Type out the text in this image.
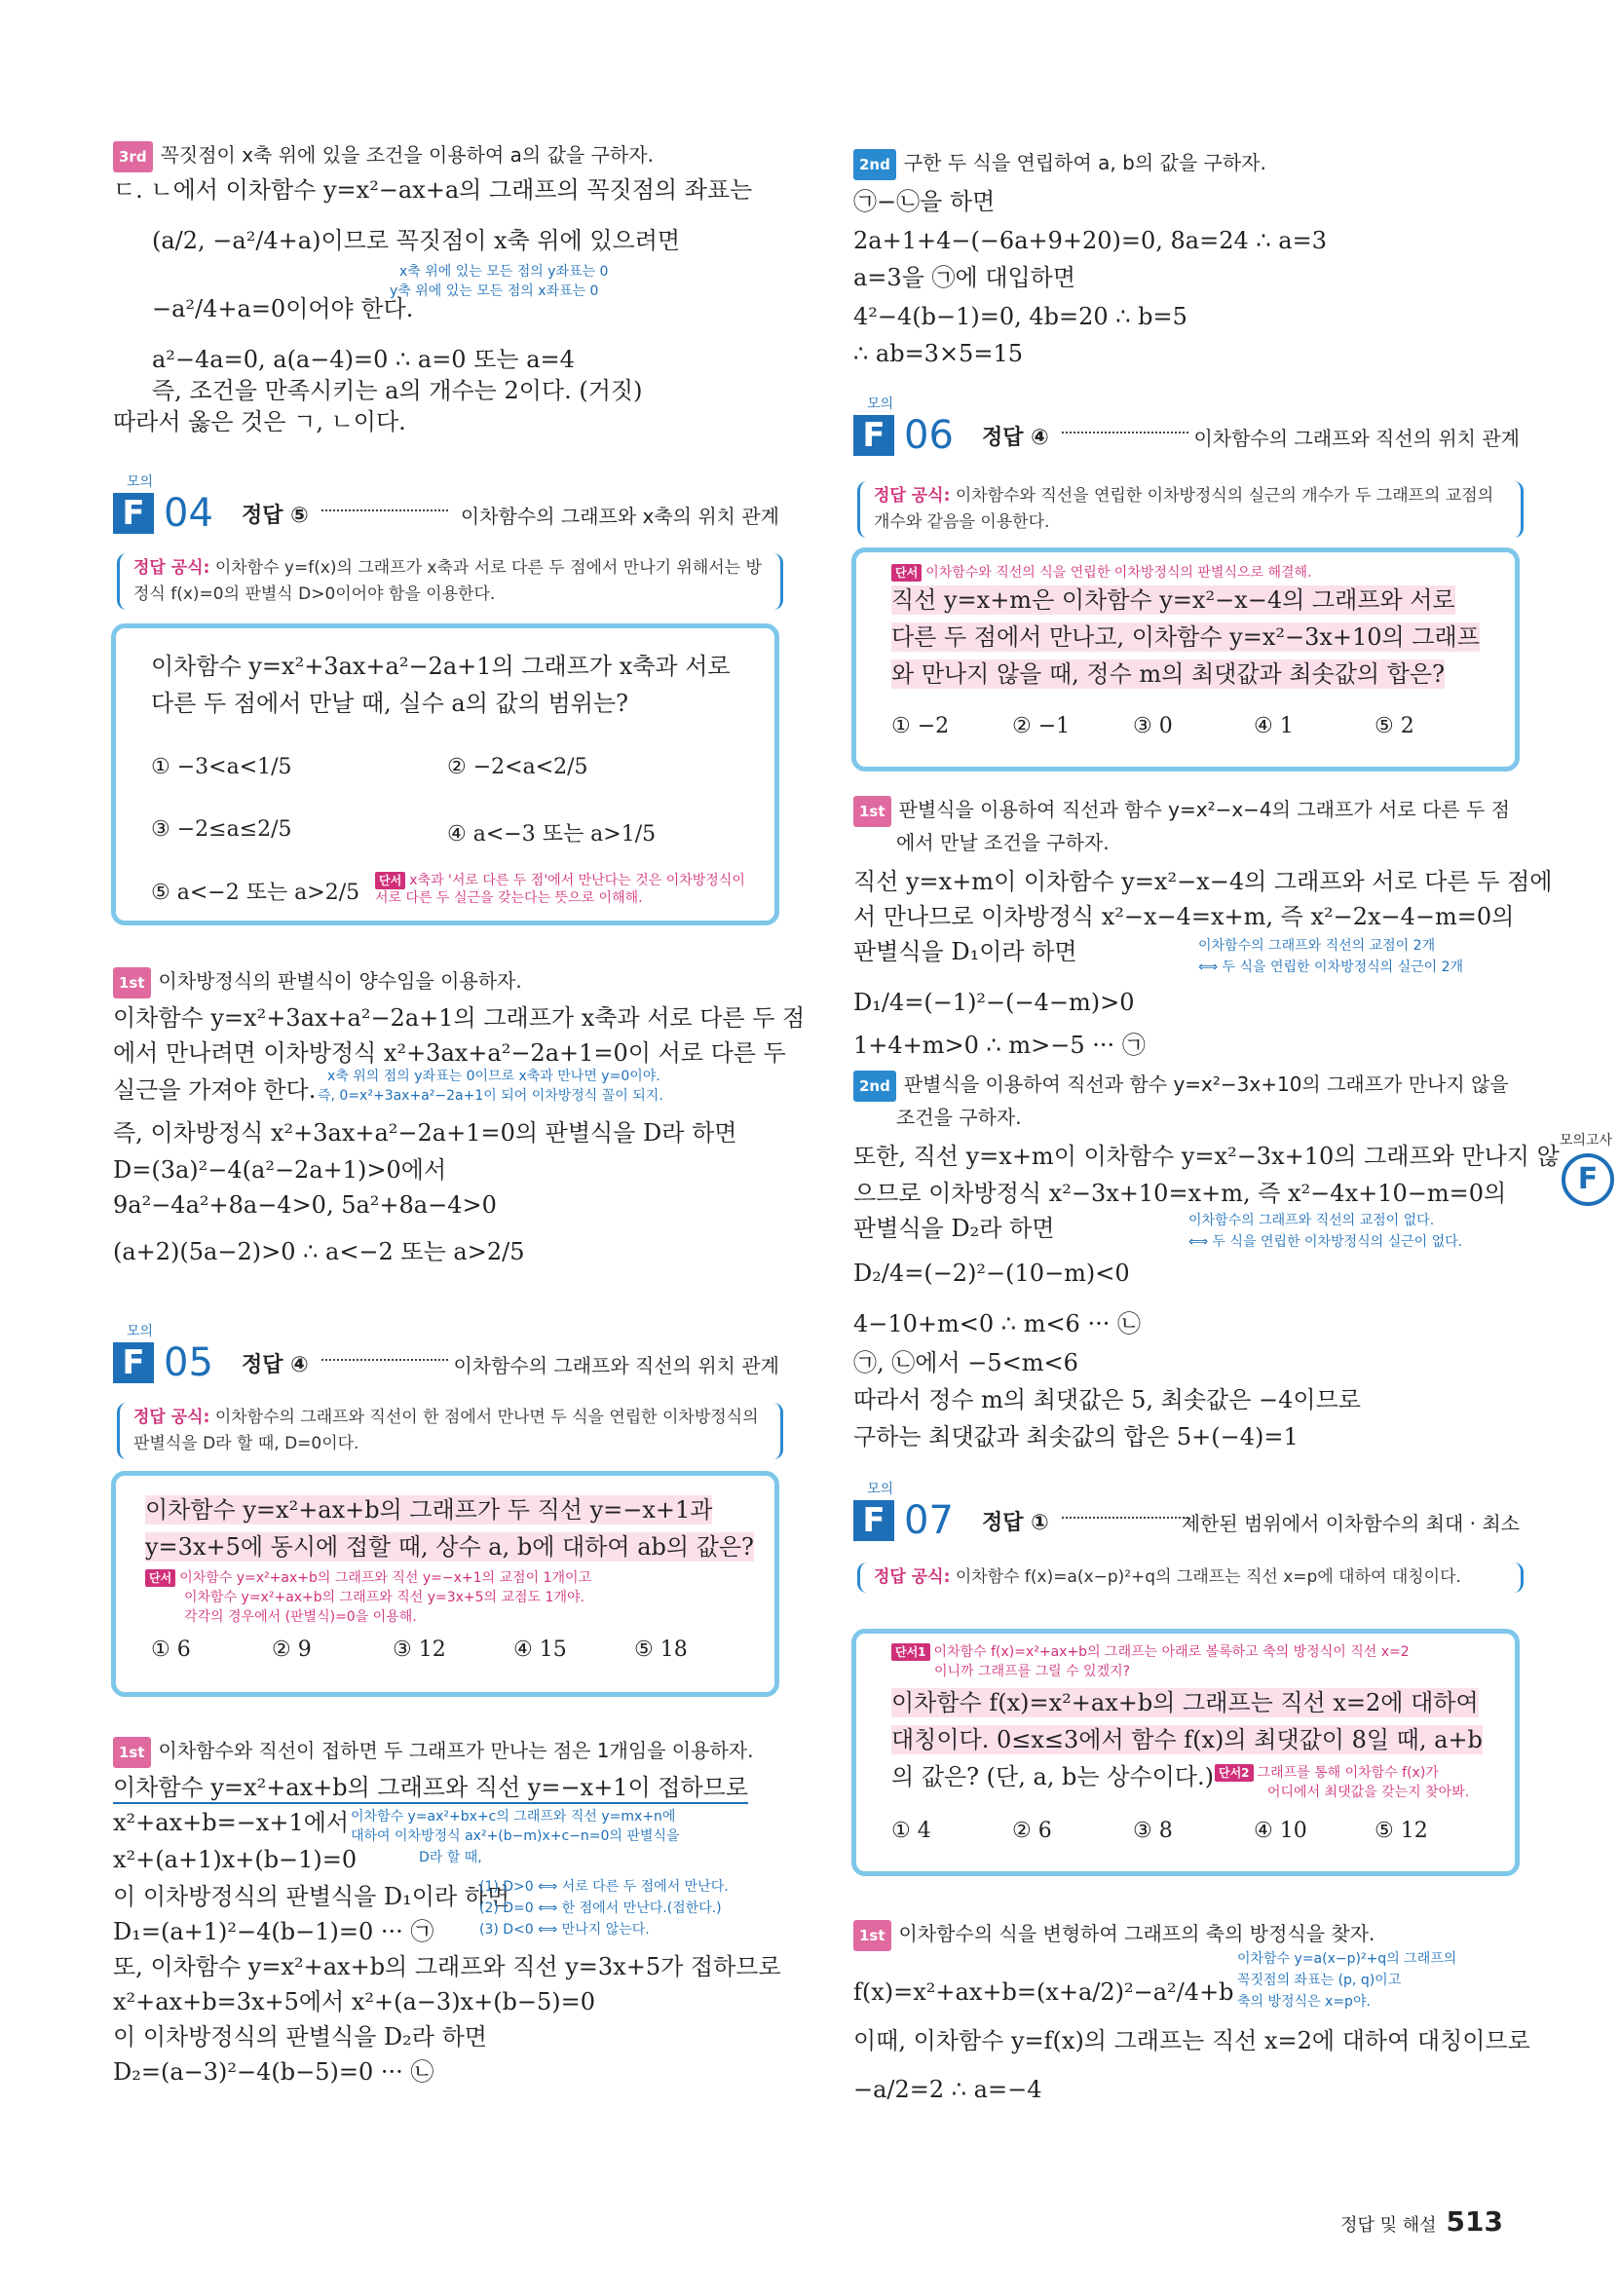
3rd 꼭짓점이 x축 위에 있을 조건을 이용하여 a의 값을 구하자.
ㄷ. ㄴ에서 이차함수 y=x²−ax+a의 그래프의 꼭짓점의 좌표는
(a/2, −a²/4+a)이므로 꼭짓점이 x축 위에 있으려면
x축 위에 있는 모든 점의 y좌표는 0
y축 위에 있는 모든 점의 x좌표는 0
−a²/4+a=0이어야 한다.
a²−4a=0, a(a−4)=0 ∴ a=0 또는 a=4
즉, 조건을 만족시키는 a의 개수는 2이다. (거짓)
따라서 옳은 것은 ㄱ, ㄴ이다.
모의
F 04 정답 ⑤	이차함수의 그래프와 x축의 위치 관계
정답 공식: 이차함수 y=f(x)의 그래프가 x축과 서로 다른 두 점에서 만나기 위해서는 방정식 f(x)=0의 판별식 D>0이어야 함을 이용한다.
이차함수 y=x²+3ax+a²−2a+1의 그래프가 x축과 서로
다른 두 점에서 만날 때, 실수 a의 값의 범위는?
① −3<a<1/5	② −2<a<2/5
③ −2≤a≤2/5	④ a<−3 또는 a>1/5
⑤ a<−2 또는 a>2/5	단서 x축과 '서로 다른 두 점'에서 만난다는 것은 이차방정식이 서로 다른 두 실근을 갖는다는 뜻으로 이해해.
1st 이차방정식의 판별식이 양수임을 이용하자.
이차함수 y=x²+3ax+a²−2a+1의 그래프가 x축과 서로 다른 두 점
에서 만나려면 이차방정식 x²+3ax+a²−2a+1=0이 서로 다른 두
실근을 가져야 한다. x축 위의 점의 y좌표는 0이므로 x축과 만나면 y=0이야.
즉, 0=x²+3ax+a²−2a+1이 되어 이차방정식 꼴이 되지.
즉, 이차방정식 x²+3ax+a²−2a+1=0의 판별식을 D라 하면
D=(3a)²−4(a²−2a+1)>0에서
9a²−4a²+8a−4>0, 5a²+8a−4>0
(a+2)(5a−2)>0 ∴ a<−2 또는 a>2/5
모의
F 05 정답 ④	이차함수의 그래프와 직선의 위치 관계
정답 공식: 이차함수의 그래프와 직선이 한 점에서 만나면 두 식을 연립한 이차방정식의 판별식을 D라 할 때, D=0이다.
이차함수 y=x²+ax+b의 그래프가 두 직선 y=−x+1과
y=3x+5에 동시에 접할 때, 상수 a, b에 대하여 ab의 값은?
단서 이차함수 y=x²+ax+b의 그래프와 직선 y=−x+1의 교점이 1개이고
이차함수 y=x²+ax+b의 그래프와 직선 y=3x+5의 교점도 1개야.
각각의 경우에서 (판별식)=0을 이용해.
① 6	② 9	③ 12	④ 15	⑤ 18
1st 이차함수와 직선이 접하면 두 그래프가 만나는 점은 1개임을 이용하자.
이차함수 y=x²+ax+b의 그래프와 직선 y=−x+1이 접하므로
x²+ax+b=−x+1에서 이차함수 y=ax²+bx+c의 그래프와 직선 y=mx+n에
대하여 이차방정식 ax²+(b−m)x+c−n=0의 판별식을
x²+(a+1)x+(b−1)=0	D라 할 때,
이 이차방정식의 판별식을 D₁이라 하면
(1) D>0 ⟺ 서로 다른 두 점에서 만난다.
(2) D=0 ⟺ 한 점에서 만난다.(접한다.)
(3) D<0 ⟺ 만나지 않는다.
D₁=(a+1)²−4(b−1)=0 ··· ㉠
또, 이차함수 y=x²+ax+b의 그래프와 직선 y=3x+5가 접하므로
x²+ax+b=3x+5에서 x²+(a−3)x+(b−5)=0
이 이차방정식의 판별식을 D₂라 하면
D₂=(a−3)²−4(b−5)=0 ··· ㉡
2nd 구한 두 식을 연립하여 a, b의 값을 구하자.
㉠−㉡을 하면
2a+1+4−(−6a+9+20)=0, 8a=24 ∴ a=3
a=3을 ㉠에 대입하면
4²−4(b−1)=0, 4b=20 ∴ b=5
∴ ab=3×5=15
모의
F 06 정답 ④	이차함수의 그래프와 직선의 위치 관계
정답 공식: 이차함수와 직선을 연립한 이차방정식의 실근의 개수가 두 그래프의 교점의 개수와 같음을 이용한다.
단서 이차함수와 직선의 식을 연립한 이차방정식의 판별식으로 해결해.
직선 y=x+m은 이차함수 y=x²−x−4의 그래프와 서로
다른 두 점에서 만나고, 이차함수 y=x²−3x+10의 그래프
와 만나지 않을 때, 정수 m의 최댓값과 최솟값의 합은?
① −2	② −1	③ 0	④ 1	⑤ 2
1st 판별식을 이용하여 직선과 함수 y=x²−x−4의 그래프가 서로 다른 두 점
에서 만날 조건을 구하자.
직선 y=x+m이 이차함수 y=x²−x−4의 그래프와 서로 다른 두 점에
서 만나므로 이차방정식 x²−x−4=x+m, 즉 x²−2x−4−m=0의
판별식을 D₁이라 하면	이차함수의 그래프와 직선의 교점이 2개
⟺ 두 식을 연립한 이차방정식의 실근이 2개
D₁/4=(−1)²−(−4−m)>0
1+4+m>0 ∴ m>−5 ··· ㉠
2nd 판별식을 이용하여 직선과 함수 y=x²−3x+10의 그래프가 만나지 않을
조건을 구하자.
또한, 직선 y=x+m이 이차함수 y=x²−3x+10의 그래프와 만나지 않
으므로 이차방정식 x²−3x+10=x+m, 즉 x²−4x+10−m=0의
판별식을 D₂라 하면	이차함수의 그래프와 직선의 교점이 없다.
⟺ 두 식을 연립한 이차방정식의 실근이 없다.
D₂/4=(−2)²−(10−m)<0
4−10+m<0 ∴ m<6 ··· ㉡
㉠, ㉡에서 −5<m<6
따라서 정수 m의 최댓값은 5, 최솟값은 −4이므로
구하는 최댓값과 최솟값의 합은 5+(−4)=1
모의
F 07 정답 ①	제한된 범위에서 이차함수의 최대 · 최소
정답 공식: 이차함수 f(x)=a(x−p)²+q의 그래프는 직선 x=p에 대하여 대칭이다.
단서1 이차함수 f(x)=x²+ax+b의 그래프는 아래로 볼록하고 축의 방정식이 직선 x=2
이니까 그래프를 그릴 수 있겠지?
이차함수 f(x)=x²+ax+b의 그래프는 직선 x=2에 대하여
대칭이다. 0≤x≤3에서 함수 f(x)의 최댓값이 8일 때, a+b
의 값은? (단, a, b는 상수이다.) 단서2 그래프를 통해 이차함수 f(x)가
어디에서 최댓값을 갖는지 찾아봐.
① 4	② 6	③ 8	④ 10	⑤ 12
1st 이차함수의 식을 변형하여 그래프의 축의 방정식을 찾자.
f(x)=x²+ax+b=(x+a/2)²−a²/4+b
이차함수 y=a(x−p)²+q의 그래프의
꼭짓점의 좌표는 (p, q)이고
축의 방정식은 x=p야.
이때, 이차함수 y=f(x)의 그래프는 직선 x=2에 대하여 대칭이므로
−a/2=2 ∴ a=−4
모의고사
F
정답 및 해설 513
